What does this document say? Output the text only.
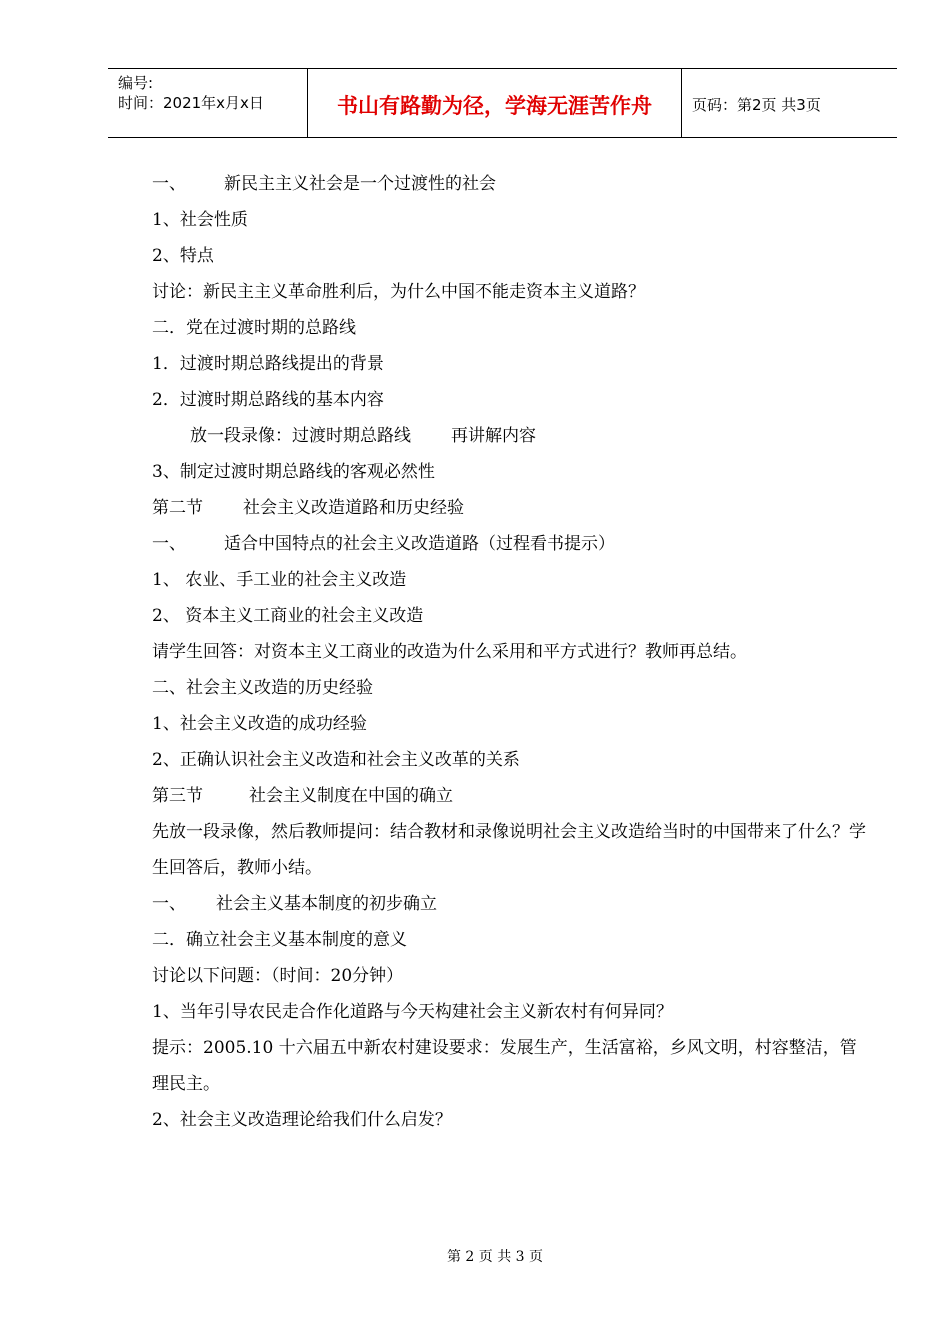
编号:
时间：2021年x月x日	书山有路勤为径，学海无涯苦作舟	页码：第2页 共3页
一、 新民主主义社会是一个过渡性的社会
1、社会性质
2、特点
讨论：新民主主义革命胜利后，为什么中国不能走资本主义道路？
二．党在过渡时期的总路线
1．过渡时期总路线提出的背景
2．过渡时期总路线的基本内容
放一段录像：过渡时期总路线 再讲解内容
3、制定过渡时期总路线的客观必然性
第二节 社会主义改造道路和历史经验
一、 适合中国特点的社会主义改造道路（过程看书提示）
1、 农业、手工业的社会主义改造
2、 资本主义工商业的社会主义改造
请学生回答：对资本主义工商业的改造为什么采用和平方式进行？教师再总结。
二、社会主义改造的历史经验
1、社会主义改造的成功经验
2、正确认识社会主义改造和社会主义改革的关系
第三节	社会主义制度在中国的确立
先放一段录像，然后教师提问：结合教材和录像说明社会主义改造给当时的中国带来了什么？学生回答后，教师小结。
一、 社会主义基本制度的初步确立
二．确立社会主义基本制度的意义
讨论以下问题：（时间：20分钟）
1、当年引导农民走合作化道路与今天构建社会主义新农村有何异同？
提示：2005.10 十六届五中新农村建设要求：发展生产，生活富裕，乡风文明，村容整洁，管理民主。
2、社会主义改造理论给我们什么启发？
第 2 页 共 3 页
